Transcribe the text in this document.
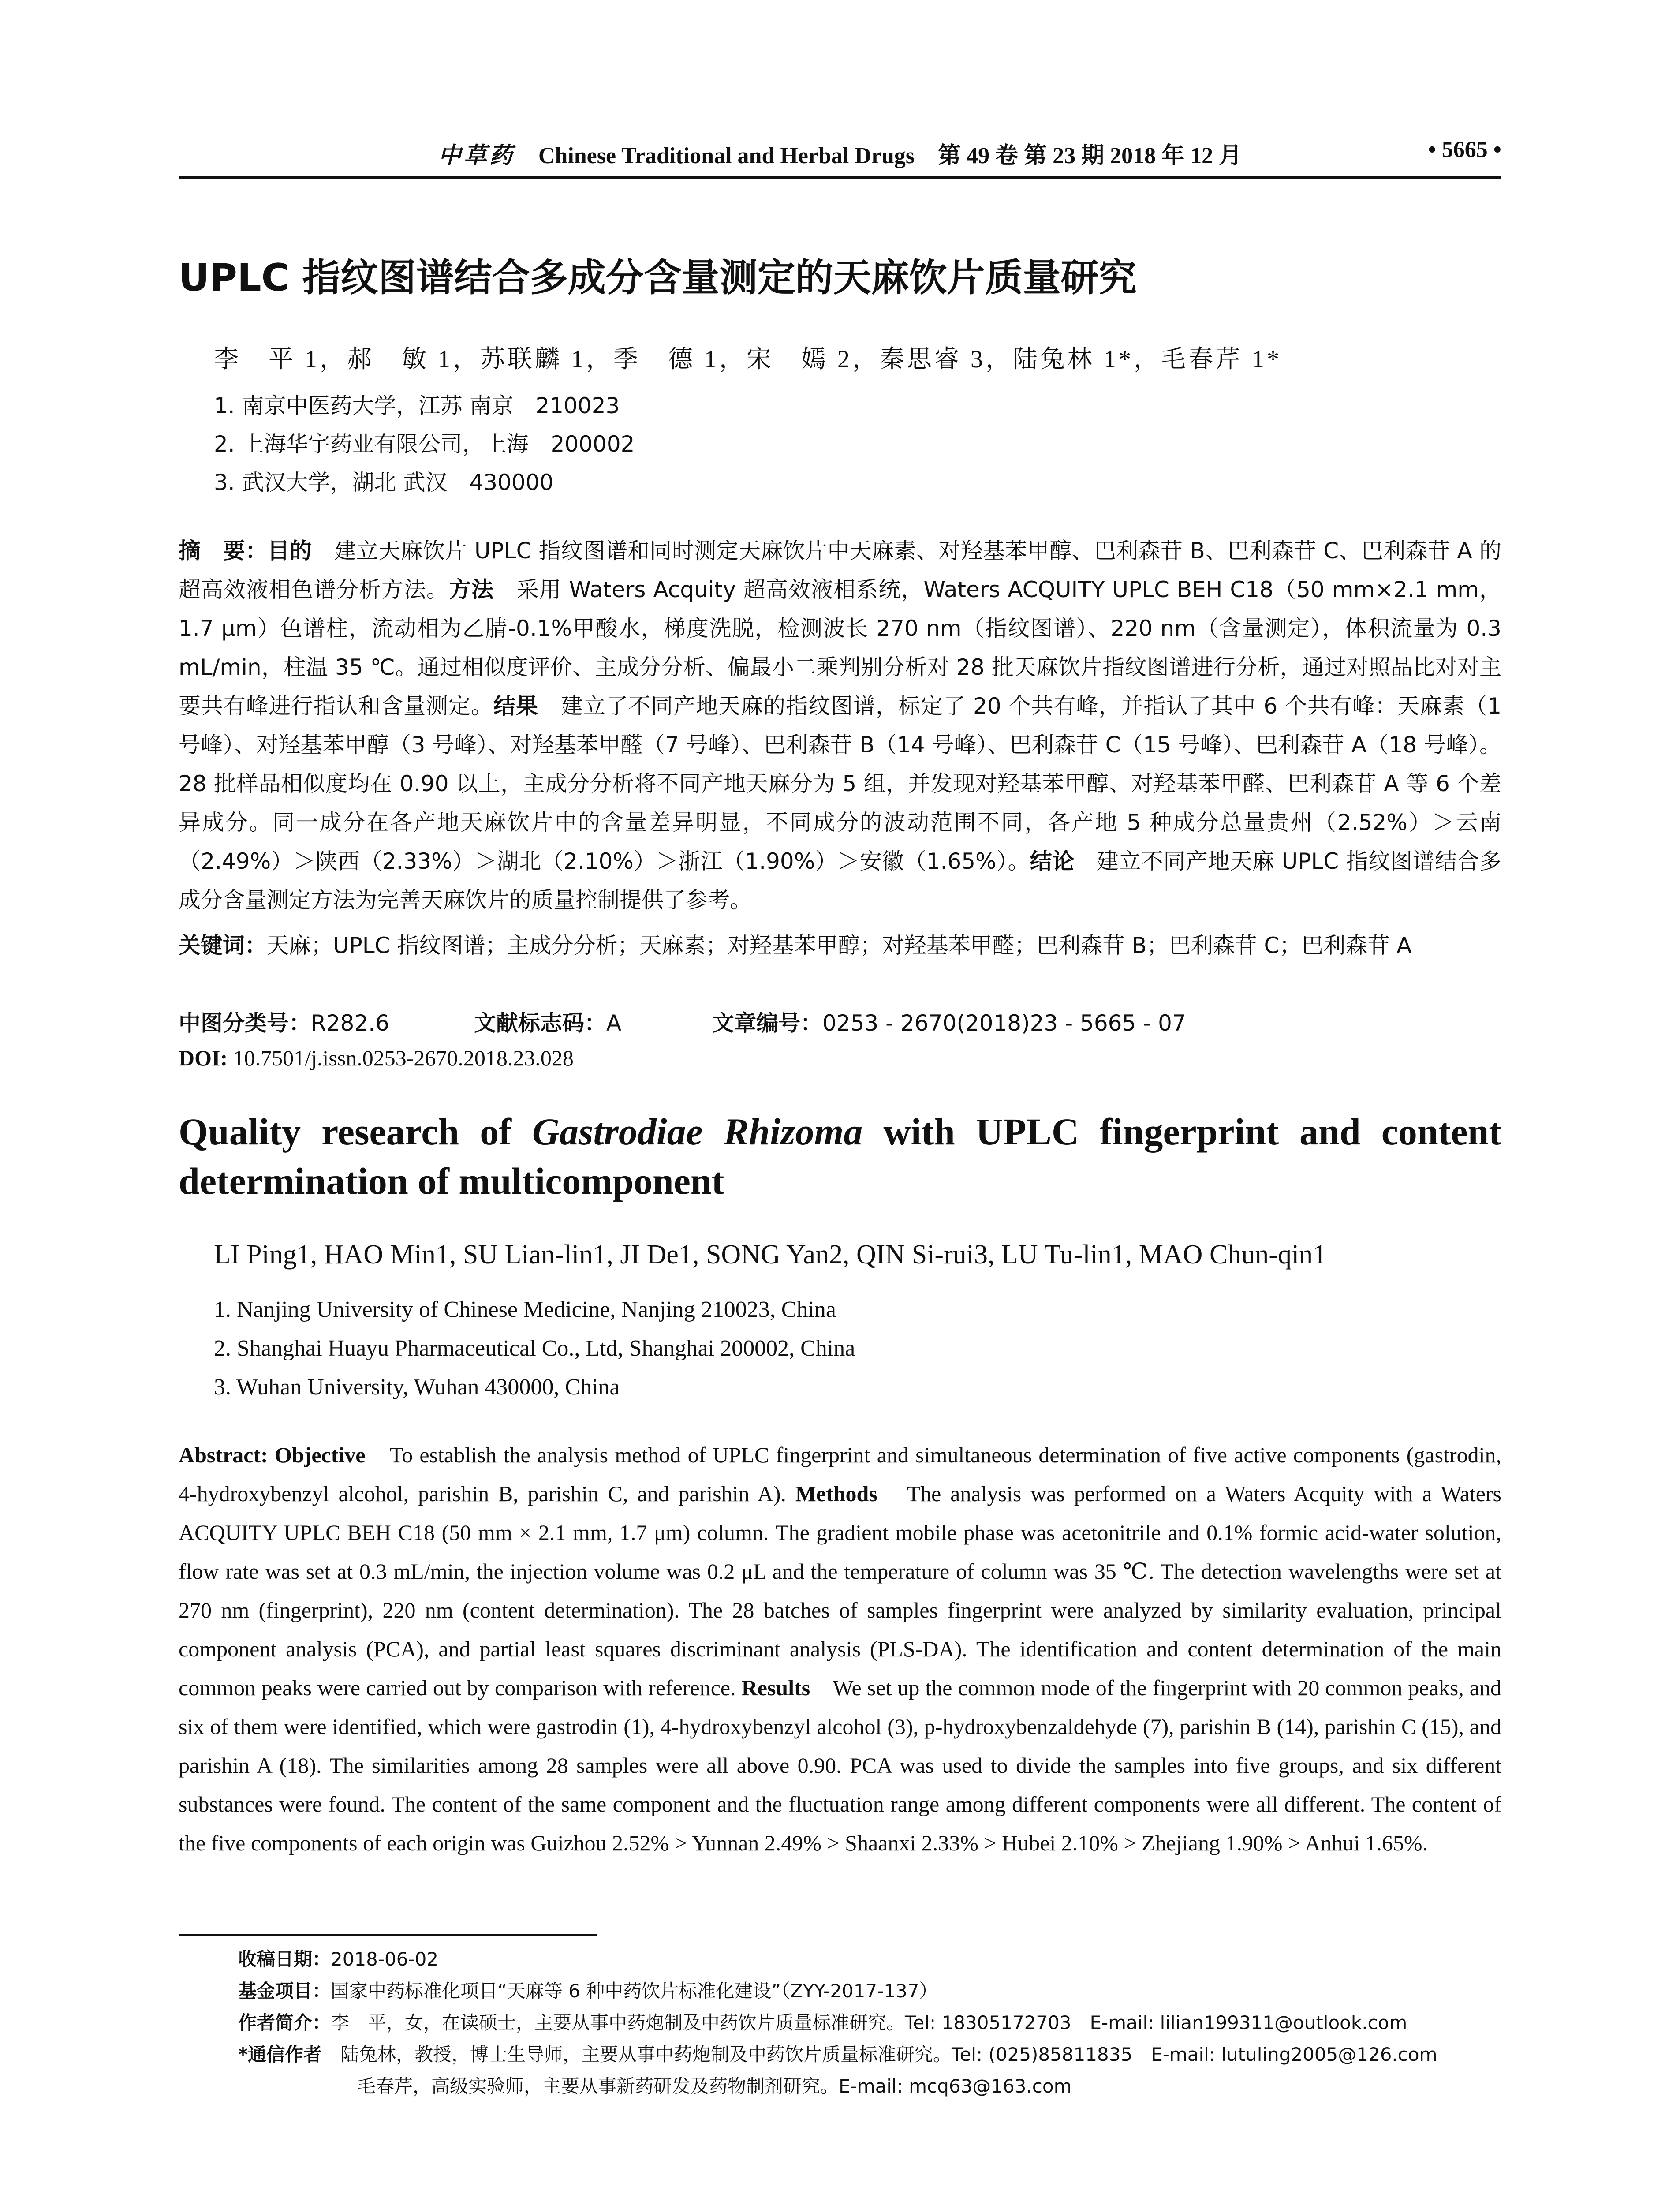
中草药 Chinese Traditional and Herbal Drugs 第 49 卷 第 23 期 2018 年 12 月	• 5665 •
UPLC 指纹图谱结合多成分含量测定的天麻饮片质量研究
李　平 1，郝　敏 1，苏联麟 1，季　德 1，宋　嫣 2，秦思睿 3，陆兔林 1*，毛春芹 1*
1. 南京中医药大学，江苏 南京　210023
2. 上海华宇药业有限公司，上海　200002
3. 武汉大学，湖北 武汉　430000
摘　要：目的　建立天麻饮片 UPLC 指纹图谱和同时测定天麻饮片中天麻素、对羟基苯甲醇、巴利森苷 B、巴利森苷 C、巴利森苷 A 的超高效液相色谱分析方法。方法　采用 Waters Acquity 超高效液相系统，Waters ACQUITY UPLC BEH C18（50 mm×2.1 mm，1.7 μm）色谱柱，流动相为乙腈-0.1%甲酸水，梯度洗脱，检测波长 270 nm（指纹图谱）、220 nm（含量测定），体积流量为 0.3 mL/min，柱温 35 ℃。通过相似度评价、主成分分析、偏最小二乘判别分析对 28 批天麻饮片指纹图谱进行分析，通过对照品比对对主要共有峰进行指认和含量测定。结果　建立了不同产地天麻的指纹图谱，标定了 20 个共有峰，并指认了其中 6 个共有峰：天麻素（1 号峰）、对羟基苯甲醇（3 号峰）、对羟基苯甲醛（7 号峰）、巴利森苷 B（14 号峰）、巴利森苷 C（15 号峰）、巴利森苷 A（18 号峰）。28 批样品相似度均在 0.90 以上，主成分分析将不同产地天麻分为 5 组，并发现对羟基苯甲醇、对羟基苯甲醛、巴利森苷 A 等 6 个差异成分。同一成分在各产地天麻饮片中的含量差异明显，不同成分的波动范围不同，各产地 5 种成分总量贵州（2.52%）＞云南（2.49%）＞陕西（2.33%）＞湖北（2.10%）＞浙江（1.90%）＞安徽（1.65%）。结论　建立不同产地天麻 UPLC 指纹图谱结合多成分含量测定方法为完善天麻饮片的质量控制提供了参考。
关键词：天麻；UPLC 指纹图谱；主成分分析；天麻素；对羟基苯甲醇；对羟基苯甲醛；巴利森苷 B；巴利森苷 C；巴利森苷 A
中图分类号：R282.6	文献标志码：A	文章编号：0253 - 2670(2018)23 - 5665 - 07
DOI: 10.7501/j.issn.0253-2670.2018.23.028
Quality research of Gastrodiae Rhizoma with UPLC fingerprint and content determination of multicomponent
LI Ping1, HAO Min1, SU Lian-lin1, JI De1, SONG Yan2, QIN Si-rui3, LU Tu-lin1, MAO Chun-qin1
1. Nanjing University of Chinese Medicine, Nanjing 210023, China
2. Shanghai Huayu Pharmaceutical Co., Ltd, Shanghai 200002, China
3. Wuhan University, Wuhan 430000, China
Abstract: Objective　To establish the analysis method of UPLC fingerprint and simultaneous determination of five active components (gastrodin, 4-hydroxybenzyl alcohol, parishin B, parishin C, and parishin A). Methods　The analysis was performed on a Waters Acquity with a Waters ACQUITY UPLC BEH C18 (50 mm × 2.1 mm, 1.7 μm) column. The gradient mobile phase was acetonitrile and 0.1% formic acid-water solution, flow rate was set at 0.3 mL/min, the injection volume was 0.2 μL and the temperature of column was 35 ℃. The detection wavelengths were set at 270 nm (fingerprint), 220 nm (content determination). The 28 batches of samples fingerprint were analyzed by similarity evaluation, principal component analysis (PCA), and partial least squares discriminant analysis (PLS-DA). The identification and content determination of the main common peaks were carried out by comparison with reference. Results　We set up the common mode of the fingerprint with 20 common peaks, and six of them were identified, which were gastrodin (1), 4-hydroxybenzyl alcohol (3), p-hydroxybenzaldehyde (7), parishin B (14), parishin C (15), and parishin A (18). The similarities among 28 samples were all above 0.90. PCA was used to divide the samples into five groups, and six different substances were found. The content of the same component and the fluctuation range among different components were all different. The content of the five components of each origin was Guizhou 2.52% > Yunnan 2.49% > Shaanxi 2.33% > Hubei 2.10% > Zhejiang 1.90% > Anhui 1.65%.
收稿日期：2018-06-02
基金项目：国家中药标准化项目“天麻等 6 种中药饮片标准化建设”（ZYY-2017-137）
作者简介：李　平，女，在读硕士，主要从事中药炮制及中药饮片质量标准研究。Tel: 18305172703　E-mail: lilian199311@outlook.com
*通信作者　陆兔林，教授，博士生导师，主要从事中药炮制及中药饮片质量标准研究。Tel: (025)85811835　E-mail: lutuling2005@126.com
毛春芹，高级实验师，主要从事新药研发及药物制剂研究。E-mail: mcq63@163.com
